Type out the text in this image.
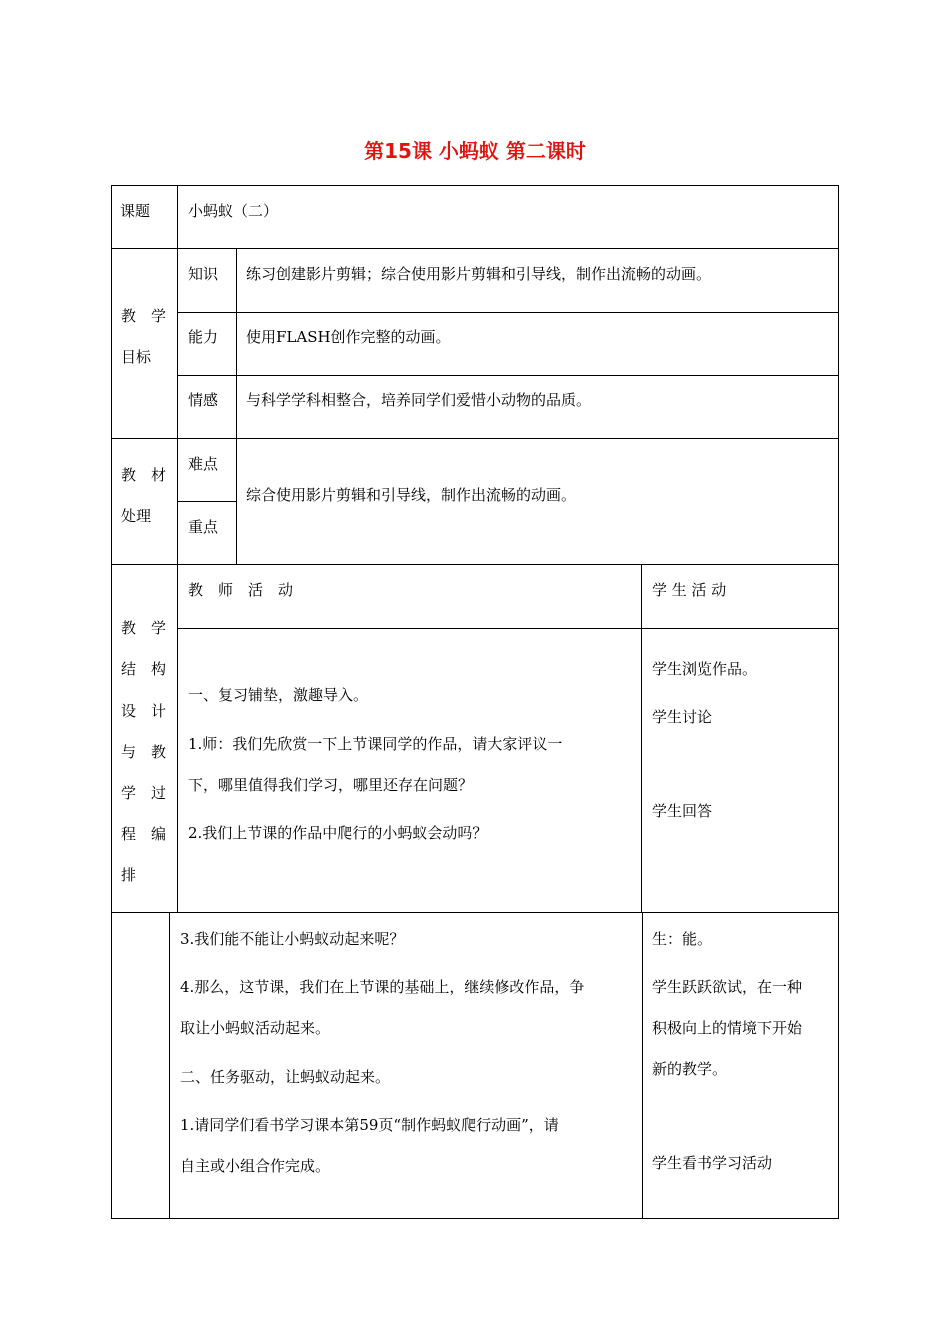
第15课 小蚂蚁 第二课时
课题	小蚂蚁（二）
教　学
目标
知识 练习创建影片剪辑；综合使用影片剪辑和引导线，制作出流畅的动画。
能力 使用FLASH创作完整的动画。
情感 与科学学科相整合，培养同学们爱惜小动物的品质。
教　材
处理
难点
重点
综合使用影片剪辑和引导线，制作出流畅的动画。
教　学
结　构
设　计
与　教
学　过
程　编
排
教　师　活　动	学 生 活 动
一、复习铺垫，激趣导入。
1.师：我们先欣赏一下上节课同学的作品，请大家评议一
下，哪里值得我们学习，哪里还存在问题？
2.我们上节课的作品中爬行的小蚂蚁会动吗？
学生浏览作品。
学生讨论
学生回答
3.我们能不能让小蚂蚁动起来呢？
4.那么，这节课，我们在上节课的基础上，继续修改作品，争
取让小蚂蚁活动起来。
二、任务驱动，让蚂蚁动起来。
1.请同学们看书学习课本第59页“制作蚂蚁爬行动画”，请
自主或小组合作完成。
生：能。
学生跃跃欲试，在一种
积极向上的情境下开始
新的教学。
学生看书学习活动
